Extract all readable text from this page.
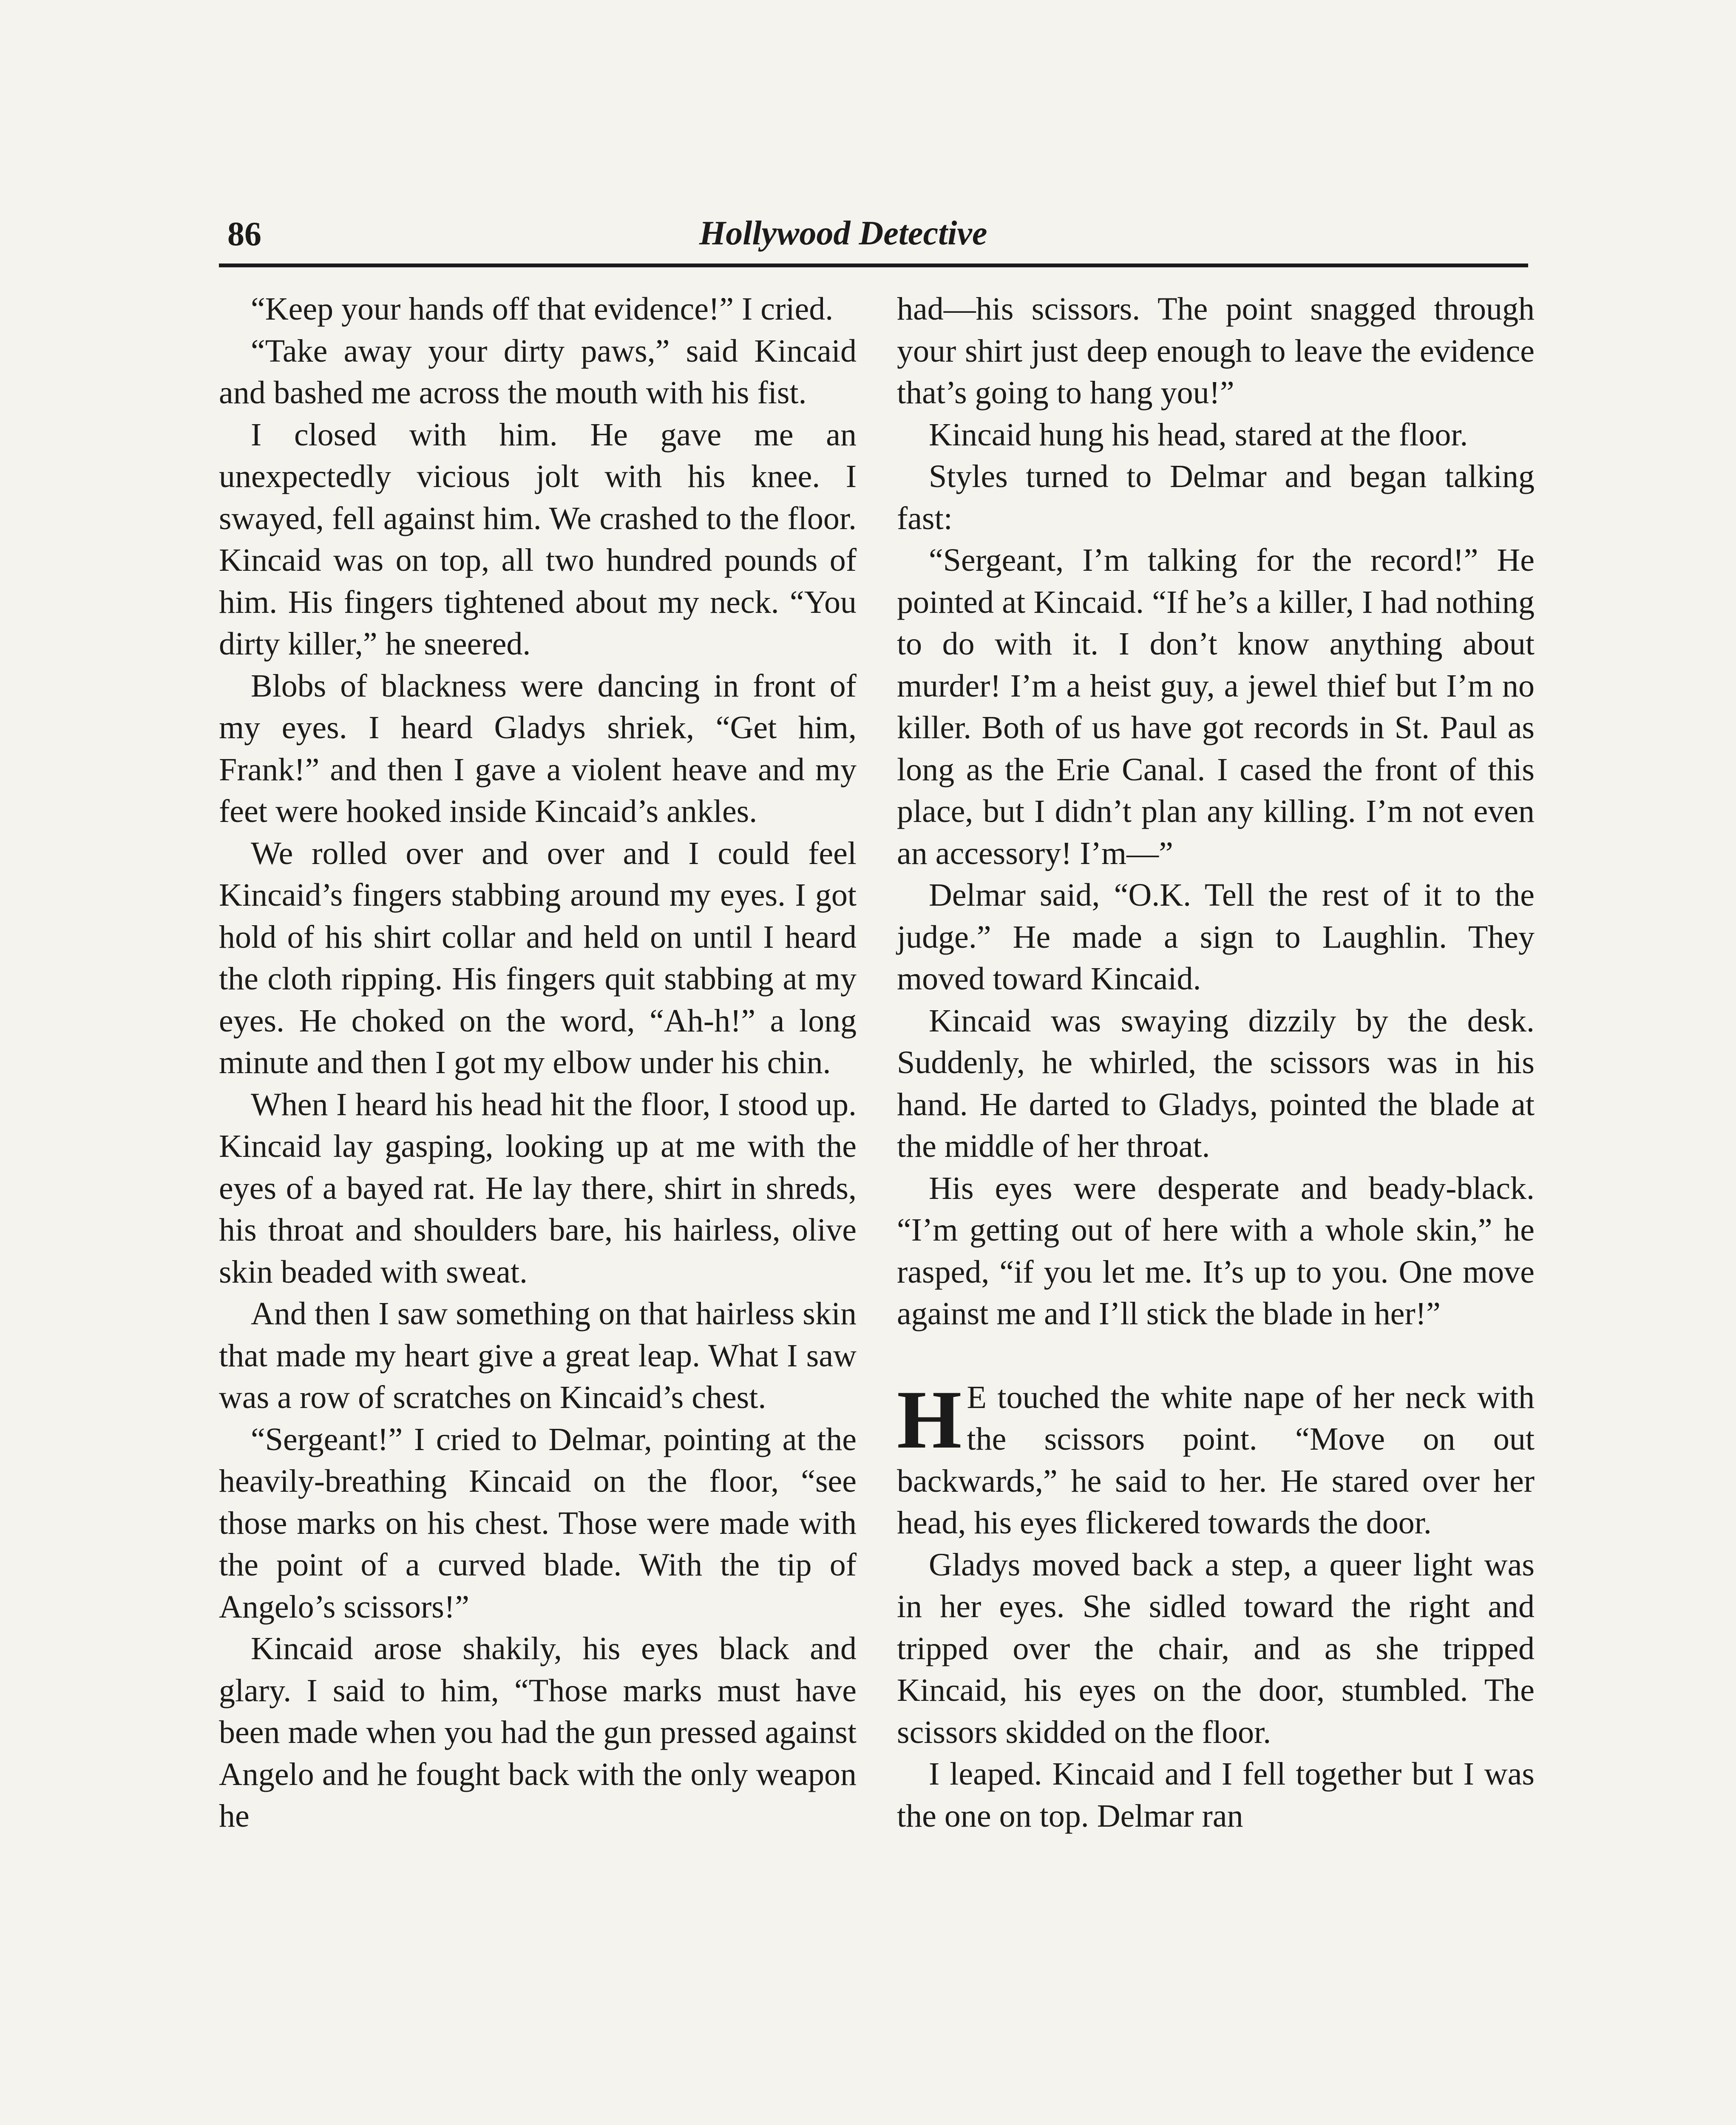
86	Hollywood Detective

“Keep your hands off that evidence!” I cried.

“Take away your dirty paws,” said Kincaid and bashed me across the mouth with his fist.

I closed with him. He gave me an unexpectedly vicious jolt with his knee. I swayed, fell against him. We crashed to the floor. Kincaid was on top, all two hundred pounds of him. His fingers tightened about my neck. “You dirty killer,” he sneered.

Blobs of blackness were dancing in front of my eyes. I heard Gladys shriek, “Get him, Frank!” and then I gave a violent heave and my feet were hooked inside Kincaid’s ankles.

We rolled over and over and I could feel Kincaid’s fingers stabbing around my eyes. I got hold of his shirt collar and held on until I heard the cloth ripping. His fingers quit stabbing at my eyes. He choked on the word, “Ah-h!” a long minute and then I got my elbow under his chin.

When I heard his head hit the floor, I stood up. Kincaid lay gasping, looking up at me with the eyes of a bayed rat. He lay there, shirt in shreds, his throat and shoulders bare, his hairless, olive skin beaded with sweat.

And then I saw something on that hairless skin that made my heart give a great leap. What I saw was a row of scratches on Kincaid’s chest.

“Sergeant!” I cried to Delmar, pointing at the heavily-breathing Kincaid on the floor, “see those marks on his chest. Those were made with the point of a curved blade. With the tip of Angelo’s scissors!”

Kincaid arose shakily, his eyes black and glary. I said to him, “Those marks must have been made when you had the gun pressed against Angelo and he fought back with the only weapon he

had—his scissors. The point snagged through your shirt just deep enough to leave the evidence that’s going to hang you!”

Kincaid hung his head, stared at the floor.

Styles turned to Delmar and began talking fast:

“Sergeant, I’m talking for the record!” He pointed at Kincaid. “If he’s a killer, I had nothing to do with it. I don’t know anything about murder! I’m a heist guy, a jewel thief but I’m no killer. Both of us have got records in St. Paul as long as the Erie Canal. I cased the front of this place, but I didn’t plan any killing. I’m not even an accessory! I’m—”

Delmar said, “O.K. Tell the rest of it to the judge.” He made a sign to Laughlin. They moved toward Kincaid.

Kincaid was swaying dizzily by the desk. Suddenly, he whirled, the scissors was in his hand. He darted to Gladys, pointed the blade at the middle of her throat.

His eyes were desperate and beady-black. “I’m getting out of here with a whole skin,” he rasped, “if you let me. It’s up to you. One move against me and I’ll stick the blade in her!”

H E touched the white nape of her neck with the scissors point. “Move on out backwards,” he said to her. He stared over her head, his eyes flickered towards the door.

Gladys moved back a step, a queer light was in her eyes. She sidled toward the right and tripped over the chair, and as she tripped Kincaid, his eyes on the door, stumbled. The scissors skidded on the floor.

I leaped. Kincaid and I fell together but I was the one on top. Delmar ran
